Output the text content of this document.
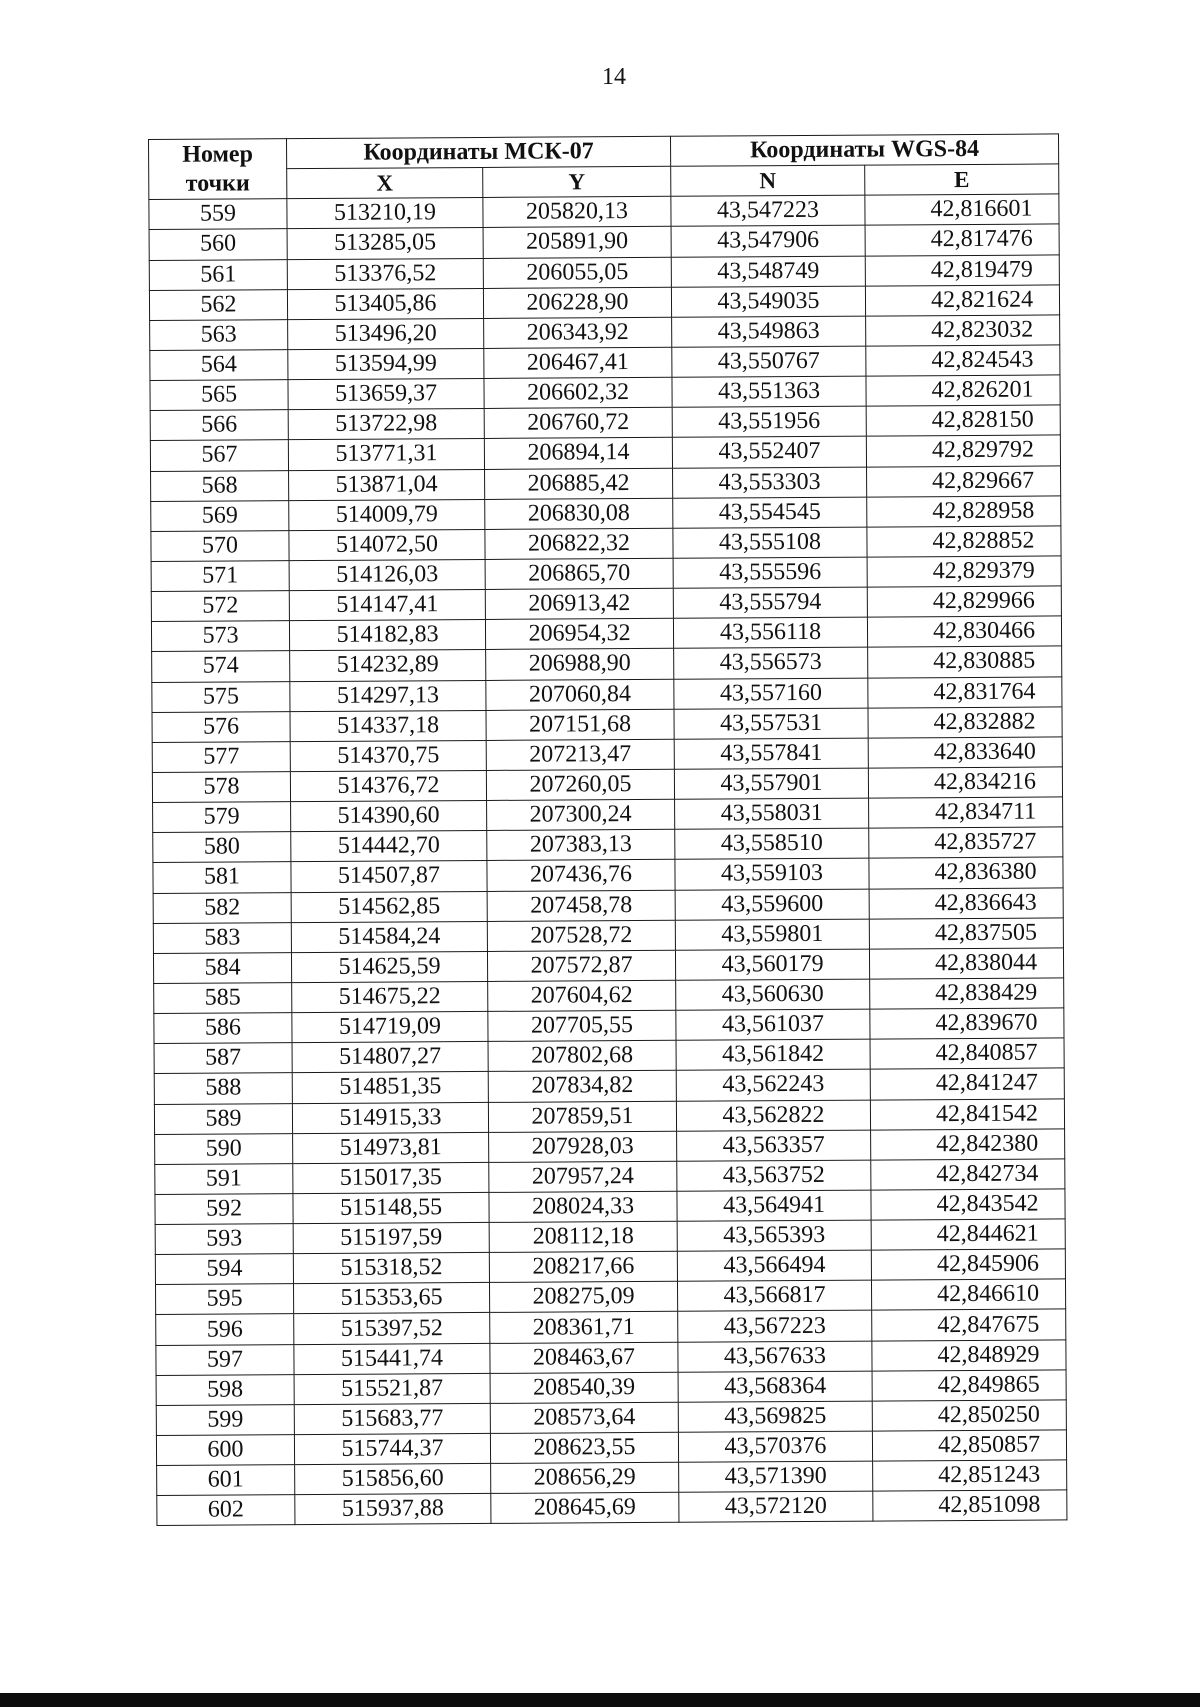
14
Номер
точки	Координаты МСК-07		Координаты WGS-84	
	X	Y	N	E
559	513210,19	205820,13	43,547223	42,816601
560	513285,05	205891,90	43,547906	42,817476
561	513376,52	206055,05	43,548749	42,819479
562	513405,86	206228,90	43,549035	42,821624
563	513496,20	206343,92	43,549863	42,823032
564	513594,99	206467,41	43,550767	42,824543
565	513659,37	206602,32	43,551363	42,826201
566	513722,98	206760,72	43,551956	42,828150
567	513771,31	206894,14	43,552407	42,829792
568	513871,04	206885,42	43,553303	42,829667
569	514009,79	206830,08	43,554545	42,828958
570	514072,50	206822,32	43,555108	42,828852
571	514126,03	206865,70	43,555596	42,829379
572	514147,41	206913,42	43,555794	42,829966
573	514182,83	206954,32	43,556118	42,830466
574	514232,89	206988,90	43,556573	42,830885
575	514297,13	207060,84	43,557160	42,831764
576	514337,18	207151,68	43,557531	42,832882
577	514370,75	207213,47	43,557841	42,833640
578	514376,72	207260,05	43,557901	42,834216
579	514390,60	207300,24	43,558031	42,834711
580	514442,70	207383,13	43,558510	42,835727
581	514507,87	207436,76	43,559103	42,836380
582	514562,85	207458,78	43,559600	42,836643
583	514584,24	207528,72	43,559801	42,837505
584	514625,59	207572,87	43,560179	42,838044
585	514675,22	207604,62	43,560630	42,838429
586	514719,09	207705,55	43,561037	42,839670
587	514807,27	207802,68	43,561842	42,840857
588	514851,35	207834,82	43,562243	42,841247
589	514915,33	207859,51	43,562822	42,841542
590	514973,81	207928,03	43,563357	42,842380
591	515017,35	207957,24	43,563752	42,842734
592	515148,55	208024,33	43,564941	42,843542
593	515197,59	208112,18	43,565393	42,844621
594	515318,52	208217,66	43,566494	42,845906
595	515353,65	208275,09	43,566817	42,846610
596	515397,52	208361,71	43,567223	42,847675
597	515441,74	208463,67	43,567633	42,848929
598	515521,87	208540,39	43,568364	42,849865
599	515683,77	208573,64	43,569825	42,850250
600	515744,37	208623,55	43,570376	42,850857
601	515856,60	208656,29	43,571390	42,851243
602	515937,88	208645,69	43,572120	42,851098
